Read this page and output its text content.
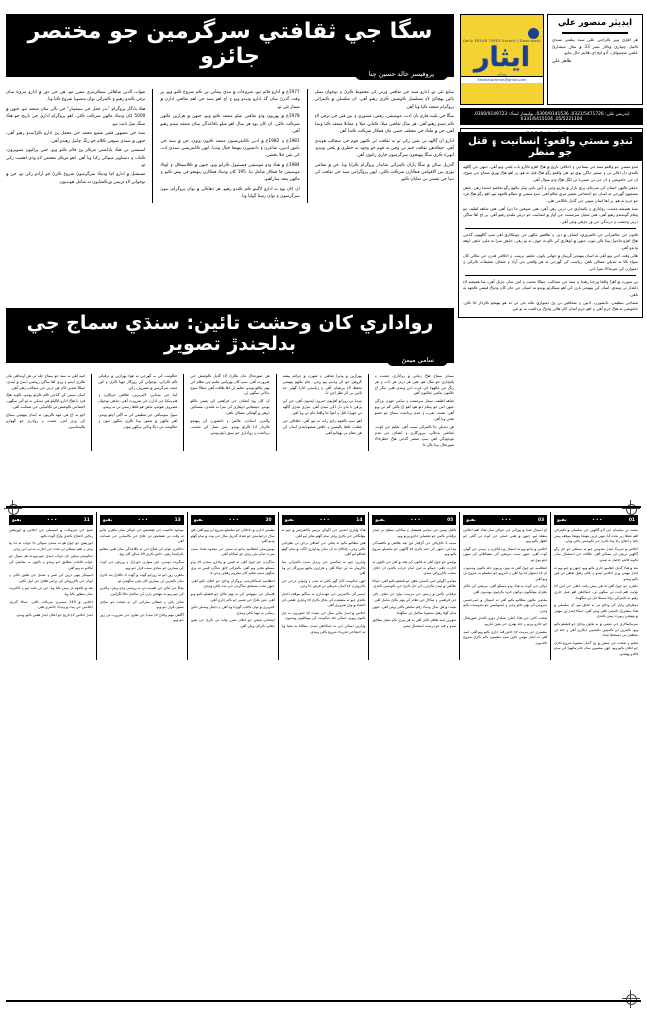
ايڊيٽر منصور علي
هر اهڙي پيپر ڪراچي علي سنڌ پبلشر سنڌي ڪنيل چيپاري وڪار نمبر 33 ۾ سال ميشارئ علمي شعبتواف، آڏو ايج اي هلايم حال بنايو.
ظاهر علي
Daily EESAR TIMES Karachi (Dawnload)
ايثار
روزاني
Emailesartimes@gmail.com
ايڊريس علي: 0321/5471726، 0300/9141536، ٻوليشار لينڪ: 0300/9149723، 05/5221104، 0331/6415104
ٽنڊو مستي واقعو: انسانيت ۽ قتل جو منظر

ٽنڊو مستي جو واقعو سنڌ جي سماجي ۽ اخلاقي تاريخ ۾ هڪ اهڙو ڪارو باب بڻجي ويو آهي، جنهن جي ڳالهه ڪندي دل ڏڪي ٿي ۽ ضمير جاڳي پوي ٿو. هي واقعو رڳو هڪ قتل نه هو، پر اهو هڪ پوري سماج جي سوچ، ان جي خاموشي ۽ ان جي بي حسيءَ تي لڳل هڪ وڏو سوال آهي.

جڏهن ڪنهن انسان کي سرعام، ڀري بازار ۾ ماريو وڃي ۽ آس پاس بيٺل ماڻهو رڳو تماشو ڏسندا رهن، تڏهن سمجهڻ گهرجي ته اسان جو اجتماعي ضمير مري چڪو آهي. ٽنڊو مستي ۾ جيڪو ڪجهه ٿيو، اهو رڳو هڪ فرد جو جرم نه هو، پر اها اسان سڀني جي گڏيل ناڪامي هئي.

سنڌ هميشه محبت، رواداري ۽ ڀائيچاري جي ڌرتي رهي آهي. هتي صوفين جا ديرا آهن، هتي شاهه لطيف جو پيغام گونجندو رهيو آهي، هتي سچل سرمست جي آواز ۾ انسانيت جو درس ملندو رهيو آهي. پر اڄ اها ساڳي ڌرتي وحشت ۽ درندگي جي ور چڙهي ويئي آهي.

قانون جي حڪمراني جي ڪمزوري، انصاف ۾ دير، ۽ طاقتور ماڻهن جي ڇوٽڪاري اهي سڀ ڳالهيون گڏجي هڪ اهڙو ماحول پيدا ڪن ٿيون، جنهن ۾ ڏوهاري کي ڪو به خوف نه ٿو رهي. جڏهن سزا نه ملي، تڏهن ڏوهه وڌندو آهي.

هاڻي وقت اچي ويو آهي ته اسان پنهنجي گريبان ۾ جهاتي پايون. تعليم، تربيت، ۽ اخلاقي قدرن جي بحالي کان سواءِ ڪا به تبديلي ممڪن ناهي. رياست کي گهرجي ته هن واقعي جي آزاد ۽ شفاف تحقيقات ڪرائي ۽ ذميوارن کي عبرتناڪ سزا ڏئي.

ٻي صورت ۾ اهڙا واقعا ورجبا رهندا ۽ سنڌ جي سڃاڻپ، جيڪا محبت ۽ امن سان جڙيل آهي، سا هميشه لاءِ داغدار ٿي ويندي. اسان کي پنهنجي ٻارن کي اهو سيکارڻو پوندو ته انسان جي جان کان وڌيڪ قيمتي ڪجهه به ناهي.

سماجي تنظيمن، دانشورن، اديبن ۽ صحافين تي پڻ ذميواري عائد ٿئي ٿي ته هو پنهنجو ڪردار ادا ڪن. خاموشي به هڪ جرم آهي ۽ اهو جرم اسان کان هاڻي وڌيڪ برداشت نه ٿو ٿئي.

سگا جي ثقافتي سرگرمين جو مختصر جائزو
پروفيسر خالد حسين چنا

شايع ٿئي ٿو. ادارو سنڌ جي ثقافتي ورثي کي محفوظ ڪرڻ ۽ نوجوان نسل تائين پهچائڻ لاءِ مسلسل ڪوشش ڪري رهيو آهي. ان سلسلي ۾ ڪيترائي پروگرام منعقد ڪيا ويا آهن.

سگا جي پليٽ فارم تان ادب، موسيقي، رقص، مصوري ۽ ٻين فنن جي ترقي لاءِ ڪم ٿيندو رهيو آهي. هر سال ثقافتي ميلا، ڪتابي ميلا ۽ مقابلا منعقد ڪيا ويندا آهن، جن ۾ ملڪ جي مختلف حصن مان فنڪار شرڪت ڪندا آهن.

ادارو ان ڳالهه تي يقين رکي ٿو ته ثقافت ئي ڪنهن قوم جي سڃاڻپ هوندي آهي. جيڪڏهن ثقافت ختم ٿي وڃي ته قوم جو وجود به خطري ۾ پئجي ويندو. انهيءَ ڪري سگا پنهنجون سرگرميون جاري رکيون آهن.

گذريل سالن ۾ سگا پاران ڪيترائي شاندار پروگرام ڪرايا ويا، جن ۾ مقامي توڙي بين الاقوامي فنڪارن شرڪت ڪئي. انهن پروگرامن سنڌ جي ثقافت کي دنيا جي نقشي تي نمايان ڪيو.

1977ع ۾ ادارو قائم ٿيو. شروعات ۾ ننڍي پيماني تي ڪم شروع ڪيو ويو، پر وقت گذرڻ سان گڏ ادارو وڌندو ويو ۽ اڄ اهو سنڌ جي اهم ثقافتي ادارن ۾ شمار ٿئي ٿو.

1978ع ۾ پهريون وڏو ثقافتي ميلو منعقد ڪيو ويو، جنهن ۾ هزارين ماڻهن شرڪت ڪئي. ان کان پوءِ هر سال اهو ميلو باقاعدگي سان منعقد ٿيندو رهيو آهي.

1981ع ۽ 1982ع ۾ ادبي ڪانفرنسون منعقد ڪيون ويون، جن ۾ سنڌ جي نامور اديبن، شاعرن ۽ دانشورن پنهنجا خيال ونڊيا. انهن ڪانفرنسن سنڌي ادب کي نئين جلا بخشي.

1984ع ۾ هڪ وڏو موسيقي فيسٽيول ڪرايو ويو، جنهن ۾ ڪلاسيڪل ۽ لوڪ موسيقي جا فنڪار شامل ٿيا. 195 کان وڌيڪ فنڪارن پنهنجو فن پيش ڪيو ۽ ماڻهن بيحد ساراهيو.

ان کان پوءِ به ادارو لاڳيتو ڪم ڪندو رهيو. هر ڏهاڪي ۾ نوان پروگرام، نيون سرگرميون ۽ نوان رستا ڳوليا ويا.

شهاب الدين شاهاڻي سيڪريٽري مقرر ٿيو. هن جي دور ۾ ادارو تيزيءَ سان ترقي ڪندو رهيو ۽ ڪيترائي نوان منصوبا شروع ڪيا ويا.

هڪ يادگار پروگرام ”بدر جمل جي سيمينار“ جي نالي سان منعقد ٿيو، جنهن ۾ 5000 کان وڌيڪ ماڻهن شرڪت ڪئي. اهو پروگرام اداري جي تاريخ جو هڪ سنگ ميل ثابت ٿيو.

سنڌ جي مشهور فقير شفيع محمد جي محفل پڻ ادارو ڪرائيندو رهيو آهي، جنهن ۾ سنڌي صوفي ڪلام جو رنگ ڇانيل رهندو آهي.

اسٽيشن تي هڪ ياداشتي مرڪز پڻ قائم ڪيو ويو، جتي پراڻيون تصويرون، ڪتاب ۽ دستاويز سنڀالي رکيا ويا آهن. اهو مرڪز محققن لاءِ وڏي اهميت رکي ٿو.

مستقبل ۾ ادارو اڃا وڌيڪ سرگرميون شروع ڪرڻ جو ارادو رکي ٿو، جن ۾ نوجوانن لاءِ تربيتي ورڪشاپون به شامل هونديون.

رواداري کان وحشت تائين: سنڌي سماج جي بدلجندڙ تصوير
سامي ميمڻ

سنڌي سماج هڪ زماني ۾ رواداري، محبت ۽ ڀائيچاري جو مثال هو. هتي هر ڌرم، هر ذات ۽ هر رنگ جي ماڻهوءَ کي عزت ڏني ويندي هئي. مگر اڄ حالتون بدلجي چڪيون آهن.

شاهه لطيف، سچل سرمست ۽ سامي جهڙن بزرگن جنهن امن جو پيغام ڏنو هو، اهو اڄ ڪٿي گم ٿي ويو آهي. تشدد، نفرت ۽ عدم برداشت سماج جو حصو بڻجي ويا آهن.

هن تبديلي جا ڪيترائي سبب آهن. تعليم جي کوٽ، معاشي بدحالي، بيروزگاري ۽ انصاف جي عدم موجودگي اهي سڀ عنصر گڏجي هڪ خطرناڪ صورتحال پيدا ڪن ٿا.

ٻهراڙين ۾ وڏيرا شاهي ۽ شهرن ۾ جرائم پيشه گروهن جو اثر وڌندو پيو وڃي. عام ماڻهو پنهنجي تحفظ لاءِ پريشان آهي ۽ رياستي ادارا گهڻي حد تائين بي اثر نظر اچن ٿا.

ميڊيا تي روزانو اهڙيون خبرون اينديون آهن، جن کي پڙهي يا ٻڌي دل ڏکي ٿيندي آهي. ننڍڙي ننڍڙي ڳالهه تي جهيڙا، قتل ۽ اغوا جا واقعا عام ٿي ويا آهن.

اهو سڀ ڪجهه راتو رات نه ٿيو آهي. ڏهاڪن جي غفلت، غلط پاليسين ۽ ناقص منصوبابندي اسان کي هن مقام تي پهچايو آهي.

هن صورتحال مان نڪرڻ لاءِ گڏيل ڪوشش جي ضرورت آهي. سڀ کان پهريائين تعليم جي نظام کي بهتر بڻائڻو پوندو. تعليم ئي اها طاقت آهي جيڪا سوچ بدلائي سگهي ٿي.

ان کان پوءِ انصاف جي فراهمي کي يقيني بڻائڻو پوندو. جيستائين ڏوهاري کي سزا نه ملندي، تيستائين ڏوهن ۾ گهٽتائي ممڪن ناهي.

والدين، استادن، عالمن ۽ دانشورن کي پنهنجو ڪردار ادا ڪرڻو پوندو. نئين نسل کي محبت، برداشت ۽ رواداري جو سبق ڏيڻو پوندو.

حڪومت کي به گهرجي ته هوءَ ٻهراڙين ۾ ترقياتي ڪم ڪرائي، نوجوانن کي روزگار مهيا ڪري ۽ کين مثبت سرگرمين ۾ مصروف رکي.

کيڏ جي ميدانن، لائبريرين، ثقافتي مرڪزن ۽ هنرسکيا جي ادارن جي ضرورت آهي. جڏهن نوجوان مصروف هوندو، تڏهن هو غلط رستي تي نه ويندو.

سول سوسائٽي جي تنظيمن کي به اڳتي اچڻو پوندو. اهي ماڻهن ۾ شعور پيدا ڪري سگهن ٿيون ۽ حڪومت تي دٻاءُ وڌائي سگهن ٿيون.

اميد آهي ته سنڌ جو سماج جلد ئي هن اونداهي مان نڪري ايندو ۽ وري اها ساڳي روشني ڏسڻ ۾ ايندي، جيڪا صدين کان هن ڌرتي جي سڃاڻپ رهي آهي.

اسان سڀني کي گڏجي ڪم ڪرڻو پوندو. ڪوبه هڪ فرد يا هڪ ادارو اڪيلو هي تبديلي نه ٿو آڻي سگهي. اجتماعي ڪوشش ئي ڪاميابي جي ضمانت آهي.

اچو ته اڄ هي عهد ڪريون ته اسان پنهنجي سماج کي وري امن، محبت ۽ روادري جو گهوارو بڻائينداسين.

01
•••
بقيو

محمد بن سليمان جي آڏو ڳالهين جي سلسلي ۾ ڪيترائي اهم نقطا زير بحث آيا. ٻنهي ڌرين پنهنجا پنهنجا موقف پيش ڪيا ۽ اتفاق راءِ پيدا ڪرڻ جي ڪوشش ڪئي ويئي.

اجلاس ۾ شريڪ ٿيندڙ مندوبين چيو ته مسئلي جو حل رڳو ڳالهين ذريعي ئي ممڪن آهي. طاقت جي استعمال سان ڪوبه فائدو حاصل نه ٿيندو.

بعد ۾ هڪ گڏيل اعلاميو جاري ڪيو ويو، جنهن ۾ چيو ويو ته ايندڙ مهيني وري اجلاس ٿيندو ۽ باقي رهيل نقطن تي غور ڪيو ويندو.

ماهرن جو چوڻ آهي ته هي پيش رفت خطي جي امن لاءِ نهايت اهم ثابت ٿي سگهي ٿي. جيڪڏهن اهو عمل جاري رهيو ته ڪيترائي پراڻا مسئلا حل ٿي سگهندا.

دوطرفي واپار کي وڌائڻ تي به اتفاق ٿيو. ان سلسلي ۾ هڪ مشترڪ ڪميٽي ٺاهي ويئي آهي، جيڪا ايندڙ ٽن مهينن ۾ پنهنجي رپورٽ پيش ڪندي.

سرمائيڪاري جي شعبي ۾ به تعاون وڌائڻ جو فيصلو ڪيو ويو. ڪيترين ئي ڪمپنين دلچسپي ڏيکاري آهي ۽ جلد ئي معاهدن تي دستخط ٿيندا.

تعليم ۽ صحت جي شعبن ۾ پڻ گڏيل منصوبا شروع ڪرڻ جو اعلان ڪيو ويو. انهن منصوبن سان عام ماڻهوءَ کي سڌو فائدو پهچندو.

03
•••
بقيو

اڄ اسپتال صدا ۾ پورائي جي حوالي سان هڪ اهم اجلاس منعقد ٿيو، جنهن ۾ طبي عملي جي کوٽ تي ڳڻتي جو اظهار ڪيو ويو.

اجلاس ۾ ٻڌايو ويو ته اسپتال ۾ ڊاڪٽرن ۽ نرسن جي گهڻي کوٽ آهي، جنهن سبب مريضن کي مشڪلاتن کي منهن ڏيڻو پوي ٿو.

انتظاميه جو چوڻ آهي ته نيون ڀرتيون جلد ڪيون وينديون. ان لاءِ اشتهار ڏنا ويا آهن ۽ انٽرويو جو سلسلو به شروع ٿي ويو آهي.

دوائن جي کوٽ به هڪ وڏو مسئلو آهي. مريضن کي اڪثر ٻاهران مهانگيون دوائون خريد ڪرڻيون پونديون آهن.

مقامي ماڻهن مطالبو ڪيو آهي ته اسپتال ۾ ايمرجنسي سروس کي بهتر بڻايو وڃي ۽ ايمبولينس جو بندوبست ڪيو وڃي.

صحت کاتي جي هڪ اعليٰ عملدار دورو ڪندي صورتحال جو جائزو ورتو ۽ جلد بهتري جي يقين ڏياريو.

مشينري جي مرمت لاءِ خاص فنڊ جاري ڪيو ويو آهي. اميد آهي ته ايندڙ مهيني تائين سڀ مشينون ڪم ڪرڻ شروع ڪنديون.

05
•••
بقيو

ڪليل نومن جي سامي هٽيشنل ۽ مڪاني سطح تي ٿيندڙ ترقياتي ڪمن جو تفصيلي جائزو ورتو ويو.

سبب 1 ڪارڪن جي گرفتار ٿيڻ بعد علائقي ۾ ڪشيدگي پيدا ٿي، جنهن کي ختم ڪرڻ لاءِ ڳالهين جو سلسلو شروع ڪيو ويو.

پوليس جو چوڻ آهي ته قانون کي هٿ ۾ کڻڻ جي ڪنهن به اجازت ناهي. جيڪو به امن امان خراب ڪندو، ان خلاف سخت ڪارروائي ٿيندي.

مقامي اڳواڻن امن ڪميٽي ٺاهڻ جو فيصلو ڪيو آهي، جيڪا علائقي ۾ ٿيندڙ تڪرارن کي حل ڪرڻ جي ڪوشش ڪندي.

ترقياتي ڪمن ۾ رستن جي مرمت، پيئڻ جي صاف پاڻي جي فراهمي ۽ نيڪال جي نظام کي بهتر بڻائڻ شامل آهي.

بجيٽ ۾ هن سال وڌيڪ رقم مختص ڪئي ويئي آهي، جنهن سان گهڻا رهيل منصوبا مڪمل ٿي سگهندا.

شهرين اميد ظاهر ڪئي آهي ته هن ڀيري ڪم معيار مطابق ٿيندو ۽ فنڊ جو درست استعمال ٿيندو.

14
•••
بقيو

هڪ واپاري انجمن جي اڳواڻن پريس ڪانفرنس ۾ چيو ته مهانگائي جي ڪري واپار تمام گهڻو متاثر ٿيو آهي.

هنن مطالبو ڪيو ته بجلي جي اضافي نرخن تي نظرثاني ڪئي وڃي، ڇاڪاڻ ته ان سان پيداواري لاڳت ۾ تمام گهڻو اضافو ٿيو آهي.

واپارين چيو ته ٽيڪسن جي ڀرمار سبب ڪيترائي ننڍا ڪاروبار بند ٿي چڪا آهن ۽ هزارين ماڻهو بيروزگار ٿي ويا آهن.

انهن حڪومت کان گهر ڪئي ته ننڍن ۽ وچولي درجي جي ڪاروبارن لاءِ آسان شرطن تي قرض ڏنا وڃن.

چيمبر آف ڪامرس جي عهديدارن به ساڳيو موقف اختيار ڪندي چيو ته معيشت کي بحال ڪرڻ لاءِ واپاري طبقي کي اعتماد ۾ وٺڻ ضروري آهي.

اجلاس ۾ ايندڙ مالي سال جي بجيٽ لاءِ تجويزون به تيار ڪيون ويون، جيڪي جلد حڪومت کي موڪليون وينديون.

واپارين ڌمڪي ڏني ته جيڪڏهن سندن مطالبا نه مڃيا ويا ته احتجاجي تحريڪ شروع ڪئي ويندي.

20
•••
بقيو

تعليمي ادارن ۾ داخلائن جو سلسلو شروع ٿي ويو آهي. هن سال درخواستن جو تعداد گذريل سال جي ڀيٽ ۾ تمام گهڻو وڌيو آهي.

يونيورسٽي انتظاميه ٻڌايو ته سيٽن جي محدود تعداد سبب ميرٽ تمام مٿي وڃڻ جو امڪان آهي.

شاگردن جو چوڻ آهي ته فيس ۾ واڌارو سندن لاءِ وڏو مسئلو بڻجي ويو آهي. ڪيترائي لائق شاگرد فيس نه ڀري سگهڻ سبب تعليم کان محروم رهجي وڃن ٿا.

انتظاميه اسڪالرشپ پروگرام وڌائڻ جو اعلان ڪيو آهي، جنهن تحت مستحق شاگردن جي مدد ڪئي ويندي.

هاسٽل جي سهولتن کي به بهتر بڻائڻ جو فيصلو ڪيو ويو آهي. نئين بلاڪ جي تعمير جو ڪم جاري آهي.

لائبريري ۾ نوان ڪتاب گهرايا ويا آهن ۽ ڊجيٽل وسيلن تائين رسائي به مهيا ڪئي ويندي.

امتحاني نتيجن جو اعلان مقرر وقت تي ڪرڻ جي يقين دهاني ڪرائي ويئي آهي.

13
•••
بقيو

موجود خاصيت جي تشخيص جي حوالي سان ماهرن ٻڌايو ته وقت تي تشخيص ئي علاج جي ڪاميابي جي ضمانت آهي.

ڊاڪٽرن عوام کي صلاح ڏني ته باقاعدگي سان طبي معائنو ڪرائيندا رهن، خاص ڪري 40 سالن کان پوءِ.

سگريٽ نوشي، غير متوازن خوراڪ ۽ ورزش جي کوٽ کي بيمارين جو بنيادي سبب قرار ڏنو ويو.

ماهرن زور ڏنو ته روزانو گهٽ ۾ گهٽ اڌ ڪلاڪ پنڌ ڪرڻ سان ڪيترين ئي بيمارين کان بچي سگهجي ٿو.

بچاءُ جي ٽڪن جي اهميت تي به روشني وڌي ويئي. والدين کي چيو ويو ته پنهنجن ٻارن کي مڪمل ٽڪا لڳرائين.

صاف پاڻي ۽ صفائي سٿرائي کي به صحت جو بنيادي ستون قرار ڏنو ويو.

آگاهي مهم وڌائڻ لاءِ ميڊيا جي تعاون جي ضرورت تي زور ڏنو ويو.

11
•••
بقيو

صبح جي شروعات ۾ اسيمبلي جي اجلاس ۾ اپوزيشن رڪنن احتجاج ڪندي واڪ آئوٽ ڪيو.

اپوزيشن جو چوڻ هو ته سندن سوالن جا جواب نه ڏنا پيا وڃن ۽ اهم مسئلن تي بحث جي اجازت نه ٿي ڏني وڃي.

حڪومتي بينچن تان جواب ڏيندي چيو ويو ته هر سوال جو جواب قاعدن مطابق ڏنو ويندو ۽ ڪنهن به معاملي کي لڪايو نه ويو آهي.

اسپيڪر ٻنهي ڌرين کي صبر ۽ تحمل جي تلقين ڪئي ۽ ايوان جي ڪارروائي کي پرامن هلائڻ جي اپيل ڪئي.

بعد ۾ ڪجهه بل پيش ڪيا ويا، جن تي بحث ٿيو ۽ اڪثريت سان منظور ڪيا ويا.

اجلاس ۾ 149 ميمبرن شرڪت ڪئي، جيڪا گذريل اجلاسن جي ڀيٽ ۾ وڌيڪ حاضري هئي.

ايندڙ اجلاس لاءِ تاريخ جو اعلان ايندڙ هفتي ڪيو ويندو.
